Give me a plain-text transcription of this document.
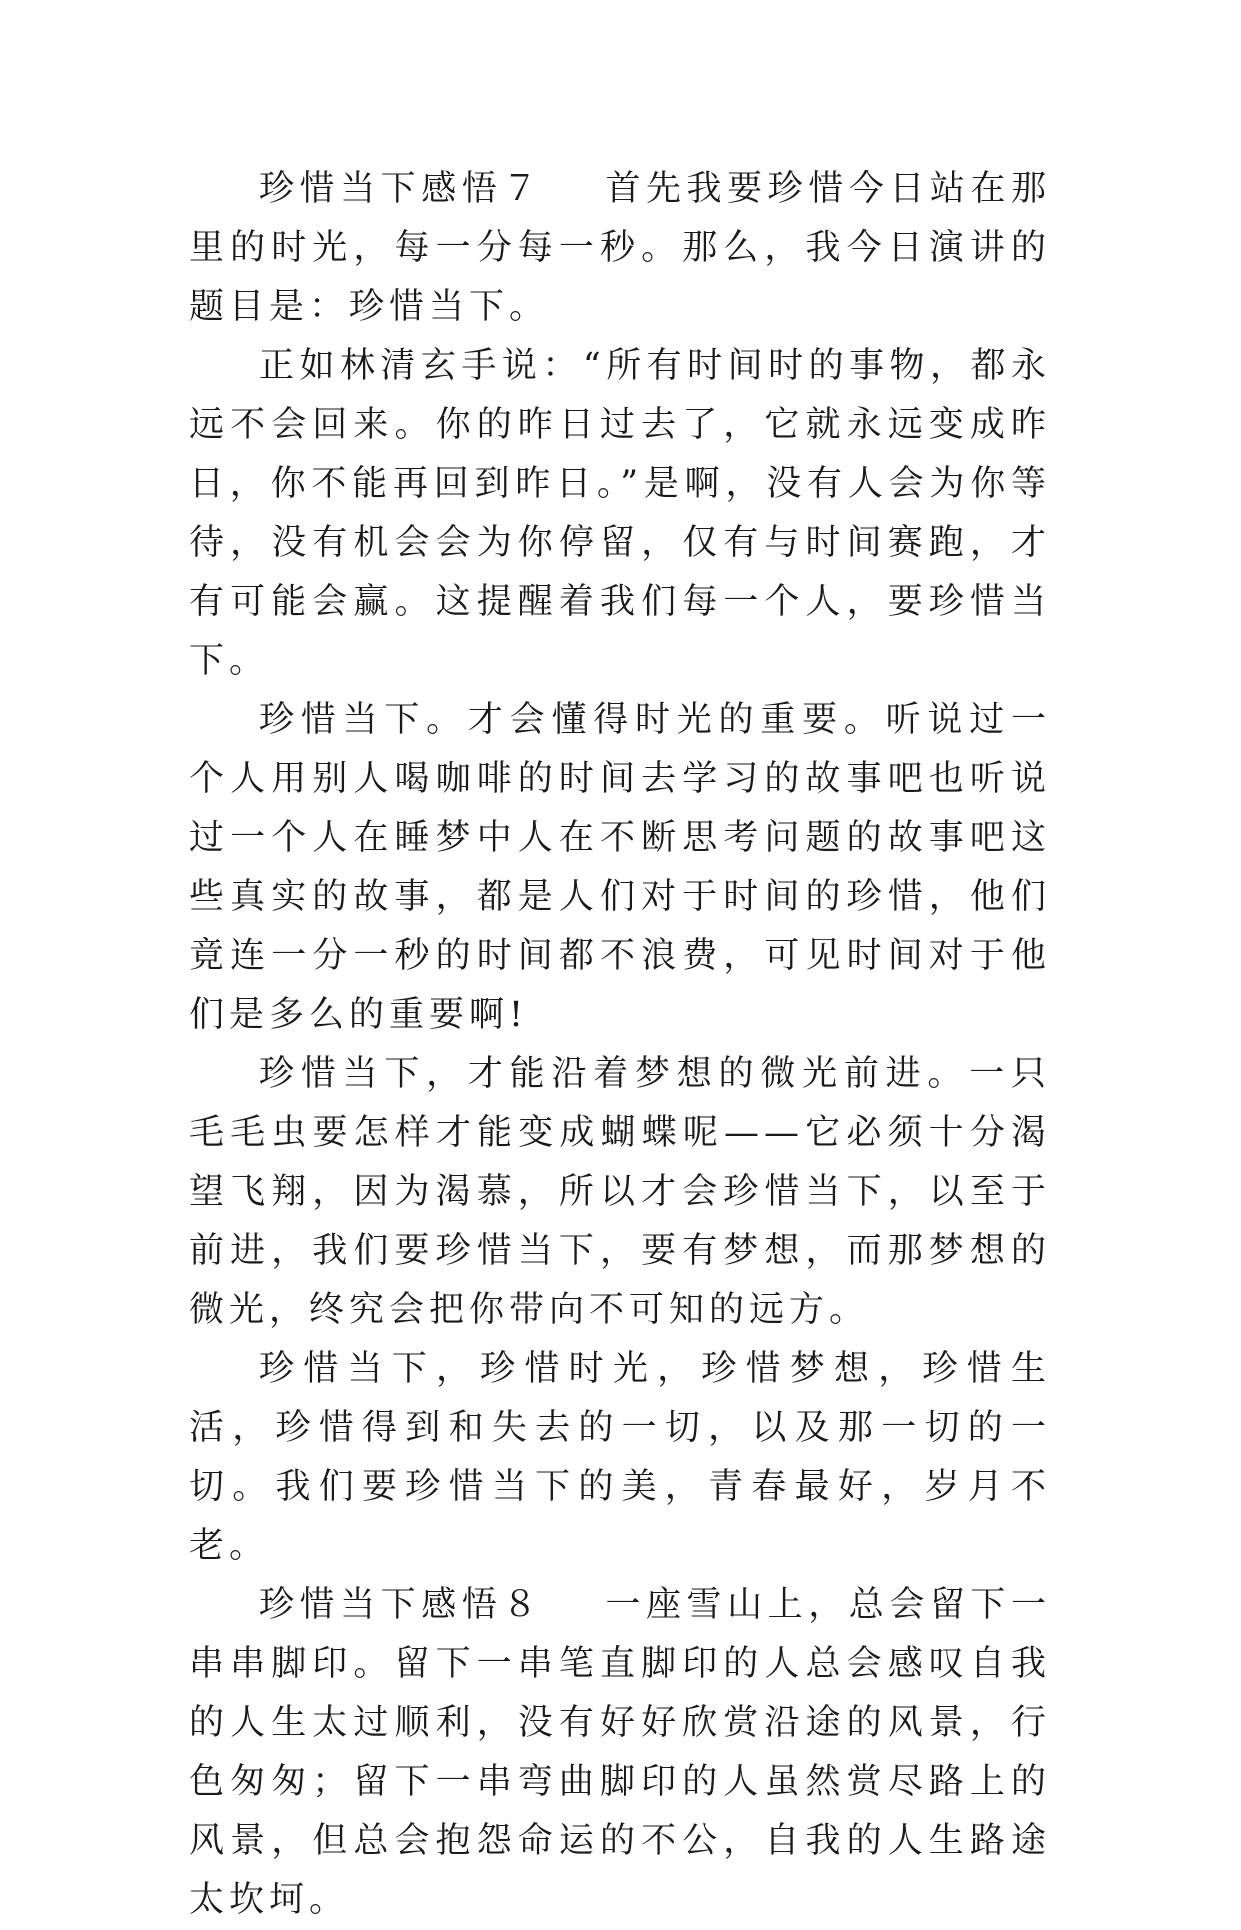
珍惜当下感悟７ 首先我要珍惜今日站在那里的时光，每一分每一秒。那么，我今日演讲的题目是：珍惜当下。

正如林清玄手说：“所有时间时的事物，都永远不会回来。你的昨日过去了，它就永远变成昨日，你不能再回到昨日。”是啊，没有人会为你等待，没有机会会为你停留，仅有与时间赛跑，才有可能会赢。这提醒着我们每一个人，要珍惜当下。

珍惜当下。才会懂得时光的重要。听说过一个人用别人喝咖啡的时间去学习的故事吧也听说过一个人在睡梦中人在不断思考问题的故事吧这些真实的故事，都是人们对于时间的珍惜，他们竟连一分一秒的时间都不浪费，可见时间对于他们是多么的重要啊!

珍惜当下，才能沿着梦想的微光前进。一只毛毛虫要怎样才能变成蝴蝶呢——它必须十分渴望飞翔，因为渴慕，所以才会珍惜当下，以至于前进，我们要珍惜当下，要有梦想，而那梦想的微光，终究会把你带向不可知的远方。

珍惜当下，珍惜时光，珍惜梦想，珍惜生活，珍惜得到和失去的一切，以及那一切的一切。我们要珍惜当下的美，青春最好，岁月不老。

珍惜当下感悟８ 一座雪山上，总会留下一串串脚印。留下一串笔直脚印的人总会感叹自我的人生太过顺利，没有好好欣赏沿途的风景，行色匆匆；留下一串弯曲脚印的人虽然赏尽路上的风景，但总会抱怨命运的不公，自我的人生路途太坎坷。
